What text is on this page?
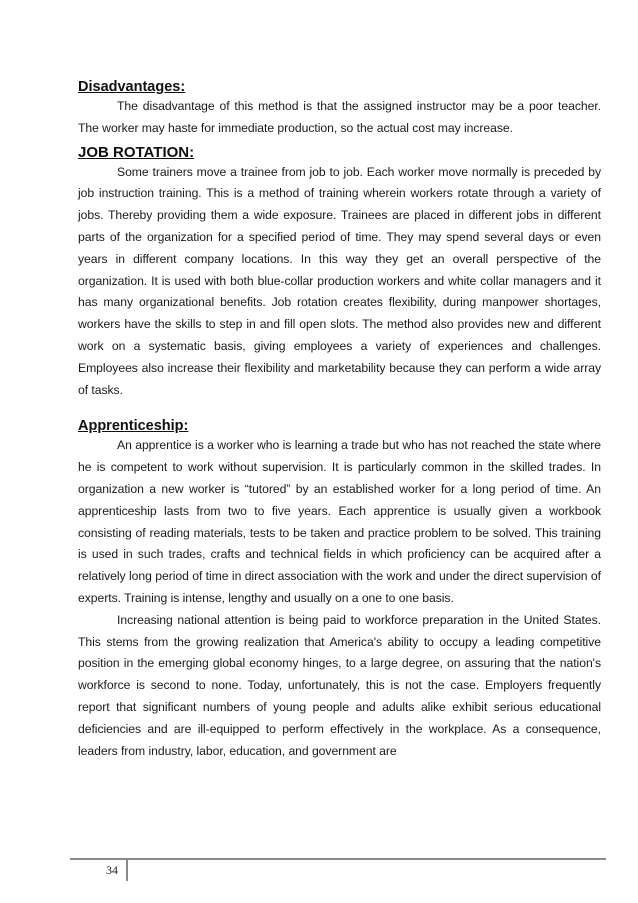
Disadvantages:

The disadvantage of this method is that the assigned instructor may be a poor teacher. The worker may haste for immediate production, so the actual cost may increase.

JOB ROTATION:

Some trainers move a trainee from job to job. Each worker move normally is preceded by job instruction training. This is a method of training wherein workers rotate through a variety of jobs. Thereby providing them a wide exposure. Trainees are placed in different jobs in different parts of the organization for a specified period of time. They may spend several days or even years in different company locations. In this way they get an overall perspective of the organization. It is used with both blue-collar production workers and white collar managers and it has many organizational benefits. Job rotation creates flexibility, during manpower shortages, workers have the skills to step in and fill open slots. The method also provides new and different work on a systematic basis, giving employees a variety of experiences and challenges. Employees also increase their flexibility and marketability because they can perform a wide array of tasks.

Apprenticeship:

An apprentice is a worker who is learning a trade but who has not reached the state where he is competent to work without supervision. It is particularly common in the skilled trades. In organization a new worker is “tutored” by an established worker for a long period of time. An apprenticeship lasts from two to five years. Each apprentice is usually given a workbook consisting of reading materials, tests to be taken and practice problem to be solved. This training is used in such trades, crafts and technical fields in which proficiency can be acquired after a relatively long period of time in direct association with the work and under the direct supervision of experts. Training is intense, lengthy and usually on a one to one basis.

Increasing national attention is being paid to workforce preparation in the United States. This stems from the growing realization that America's ability to occupy a leading competitive position in the emerging global economy hinges, to a large degree, on assuring that the nation's workforce is second to none. Today, unfortunately, this is not the case. Employers frequently report that significant numbers of young people and adults alike exhibit serious educational deficiencies and are ill-equipped to perform effectively in the workplace. As a consequence, leaders from industry, labor, education, and government are

34
